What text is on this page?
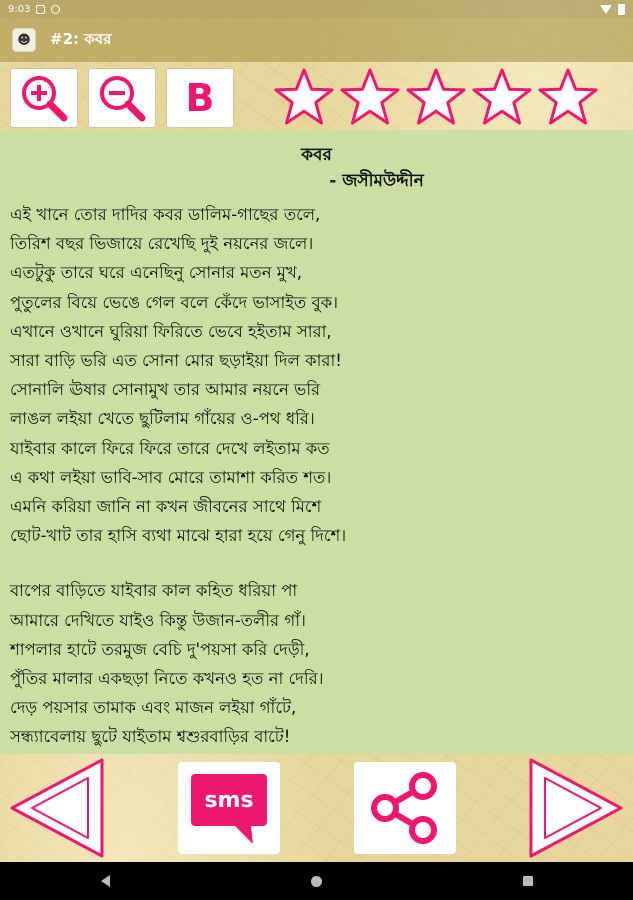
9:03
☻	#2: কবর
B
কবর
- জসীমউদ্দীন
এই খানে তোর দাদির কবর ডালিম-গাছের তলে,
তিরিশ বছর ভিজায়ে রেখেছি দুই নয়নের জলে।
এতটুকু তারে ঘরে এনেছিনু সোনার মতন মুখ,
পুতুলের বিয়ে ভেঙে গেল বলে কেঁদে ভাসাইত বুক।
এখানে ওখানে ঘুরিয়া ফিরিতে ভেবে হইতাম সারা,
সারা বাড়ি ভরি এত সোনা মোর ছড়াইয়া দিল কারা!
সোনালি ঊষার সোনামুখ তার আমার নয়নে ভরি
লাঙল লইয়া খেতে ছুটিলাম গাঁয়ের ও-পথ ধরি।
যাইবার কালে ফিরে ফিরে তারে দেখে লইতাম কত
এ কথা লইয়া ভাবি-সাব মোরে তামাশা করিত শত।
এমনি করিয়া জানি না কখন জীবনের সাথে মিশে
ছোট-খাট তার হাসি ব্যথা মাঝে হারা হয়ে গেনু দিশে।
বাপের বাড়িতে যাইবার কাল কহিত ধরিয়া পা
আমারে দেখিতে যাইও কিন্তু উজান-তলীর গাঁ।
শাপলার হাটে তরমুজ বেচি দু'পয়সা করি দেড়ী,
পুঁতির মালার একছড়া নিতে কখনও হত না দেরি।
দেড় পয়সার তামাক এবং মাজন লইয়া গাঁটে,
সন্ধ্যাবেলায় ছুটে যাইতাম শ্বশুরবাড়ির বাটে!
sms
